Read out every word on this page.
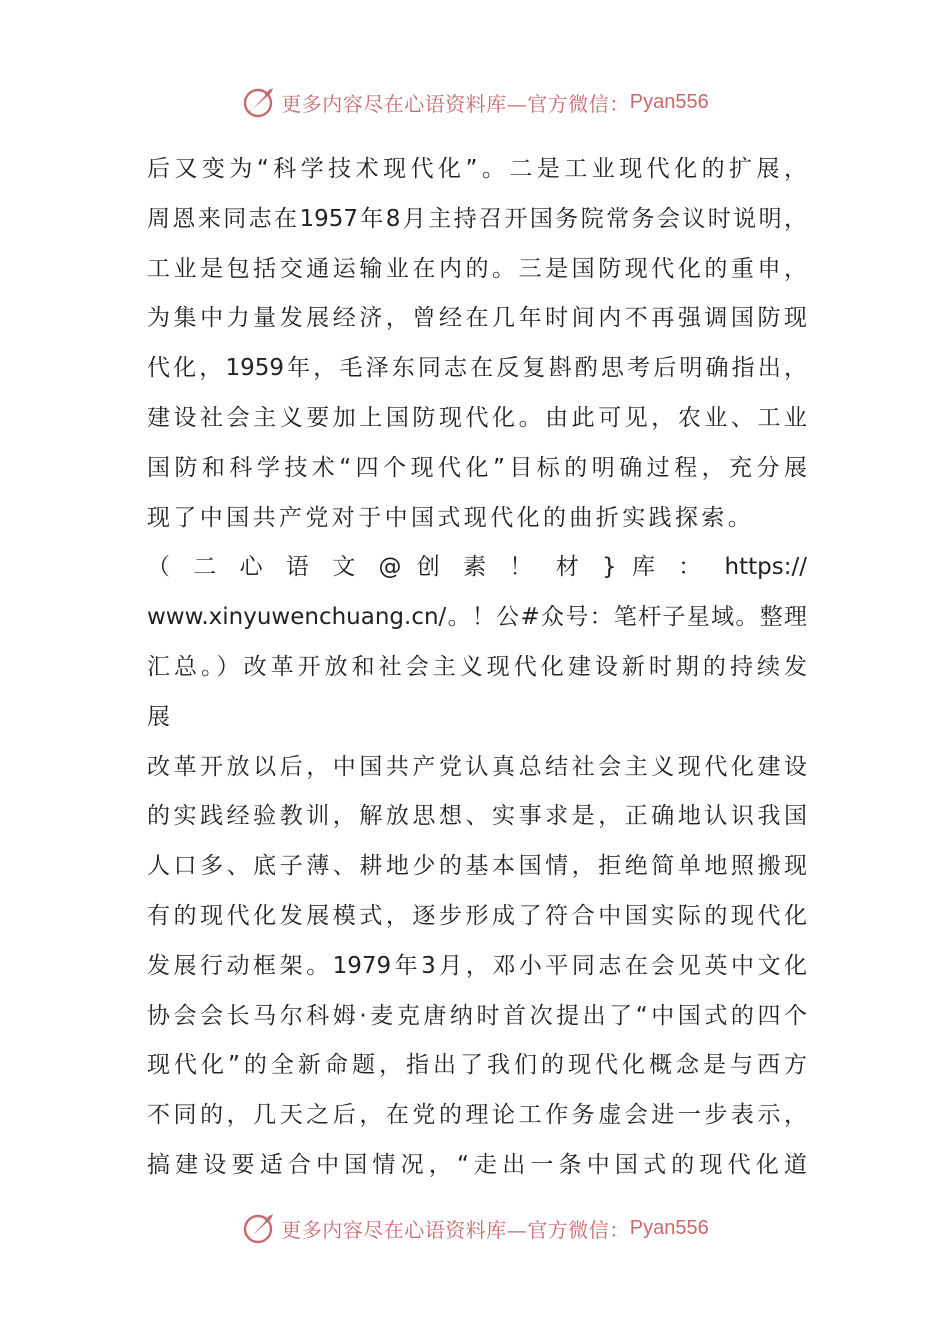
更多内容尽在心语资料库—官方微信： Pyan556
后又变为“科学技术现代化”。二是工业现代化的扩展，
周恩来同志在1957年8月主持召开国务院常务会议时说明，
工业是包括交通运输业在内的。三是国防现代化的重申，
为集中力量发展经济，曾经在几年时间内不再强调国防现
代化，1959年，毛泽东同志在反复斟酌思考后明确指出，
建设社会主义要加上国防现代化。由此可见，农业、工业
国防和科学技术“四个现代化”目标的明确过程，充分展
现了中国共产党对于中国式现代化的曲折实践探索。
（ 二 心 语 文 @ 创 素 ！ 材 } 库 ： https://
www.xinyuwenchuang.cn/。！公#众号：笔杆子星域。整理
汇总。）改革开放和社会主义现代化建设新时期的持续发
展
改革开放以后，中国共产党认真总结社会主义现代化建设
的实践经验教训，解放思想、实事求是，正确地认识我国
人口多、底子薄、耕地少的基本国情，拒绝简单地照搬现
有的现代化发展模式，逐步形成了符合中国实际的现代化
发展行动框架。1979年3月，邓小平同志在会见英中文化
协会会长马尔科姆·麦克唐纳时首次提出了“中国式的四个
现代化”的全新命题，指出了我们的现代化概念是与西方
不同的，几天之后，在党的理论工作务虚会进一步表示，
搞建设要适合中国情况，“走出一条中国式的现代化道
更多内容尽在心语资料库—官方微信： Pyan556
